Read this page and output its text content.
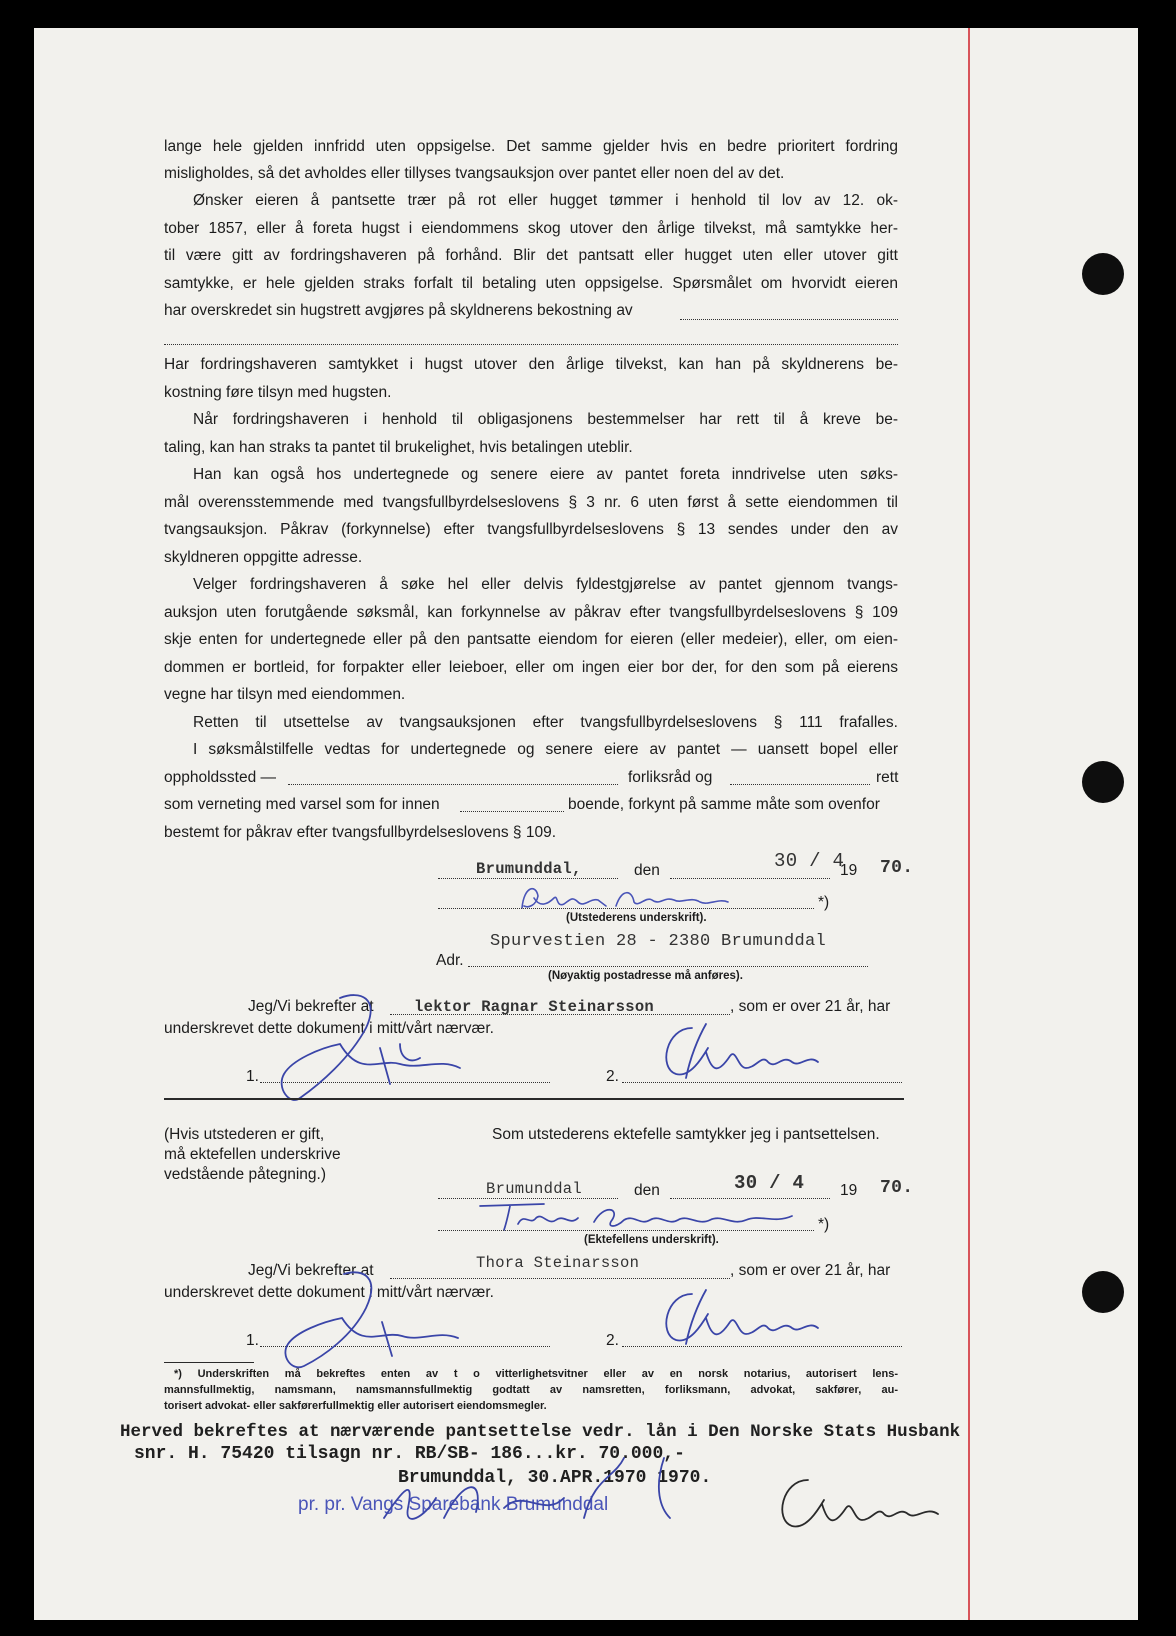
lange hele gjelden innfridd uten oppsigelse. Det samme gjelder hvis en bedre prioritert fordring
misligholdes, så det avholdes eller tillyses tvangsauksjon over pantet eller noen del av det.
Ønsker eieren å pantsette trær på rot eller hugget tømmer i henhold til lov av 12. ok-
tober 1857, eller å foreta hugst i eiendommens skog utover den årlige tilvekst, må samtykke her-
til være gitt av fordringshaveren på forhånd. Blir det pantsatt eller hugget uten eller utover gitt
samtykke, er hele gjelden straks forfalt til betaling uten oppsigelse. Spørsmålet om hvorvidt eieren
har overskredet sin hugstrett avgjøres på skyldnerens bekostning av
Har fordringshaveren samtykket i hugst utover den årlige tilvekst, kan han på skyldnerens be-
kostning føre tilsyn med hugsten.
Når fordringshaveren i henhold til obligasjonens bestemmelser har rett til å kreve be-
taling, kan han straks ta pantet til brukelighet, hvis betalingen uteblir.
Han kan også hos undertegnede og senere eiere av pantet foreta inndrivelse uten søks-
mål overensstemmende med tvangsfullbyrdelseslovens § 3 nr. 6 uten først å sette eiendommen til
tvangsauksjon. Påkrav (forkynnelse) efter tvangsfullbyrdelseslovens § 13 sendes under den av
skyldneren oppgitte adresse.
Velger fordringshaveren å søke hel eller delvis fyldestgjørelse av pantet gjennom tvangs-
auksjon uten forutgående søksmål, kan forkynnelse av påkrav efter tvangsfullbyrdelseslovens § 109
skje enten for undertegnede eller på den pantsatte eiendom for eieren (eller medeier), eller, om eien-
dommen er bortleid, for forpakter eller leieboer, eller om ingen eier bor der, for den som på eierens
vegne har tilsyn med eiendommen.
Retten til utsettelse av tvangsauksjonen efter tvangsfullbyrdelseslovens § 111 frafalles.
I søksmålstilfelle vedtas for undertegnede og senere eiere av pantet — uansett bopel eller
oppholdssted —	forliksråd og	rett
som verneting med varsel som for innen	boende, forkynt på samme måte som ovenfor
bestemt for påkrav efter tvangsfullbyrdelseslovens § 109.
Brumunddal,	den	30 / 4
19 70.
*)
(Utstederens underskrift).
Spurvestien 28 - 2380 Brumunddal
Adr.
(Nøyaktig postadresse må anføres).
Jeg/Vi bekrefter at	lektor Ragnar Steinarsson	, som er over 21 år, har
underskrevet dette dokument i mitt/vårt nærvær.
1.	2.
(Hvis utstederen er gift,
må ektefellen underskrive
vedstående påtegning.)
Som utstederens ektefelle samtykker jeg i pantsettelsen.
Brumunddal	den	30 / 4 19 70.
*)
(Ektefellens underskrift).
Jeg/Vi bekrefter at	Thora Steinarsson	, som er over 21 år, har
underskrevet dette dokument i mitt/vårt nærvær.
1.	2.
*) Underskriften må bekreftes enten av t o vitterlighetsvitner eller av en norsk notarius, autorisert lens-
mannsfullmektig, namsmann, namsmannsfullmektig godtatt av namsretten, forliksmann, advokat, sakfører, au-
torisert advokat- eller sakførerfullmektig eller autorisert eiendomsmegler.
Herved bekreftes at nærværende pantsettelse vedr. lån i Den Norske Stats Husbank
snr. H. 75420 tilsagn nr. RB/SB- 186...kr. 70.000,-
Brumunddal, 30.APR.1970 1970.
pr. pr. Vangs Sparebank Brumunddal
